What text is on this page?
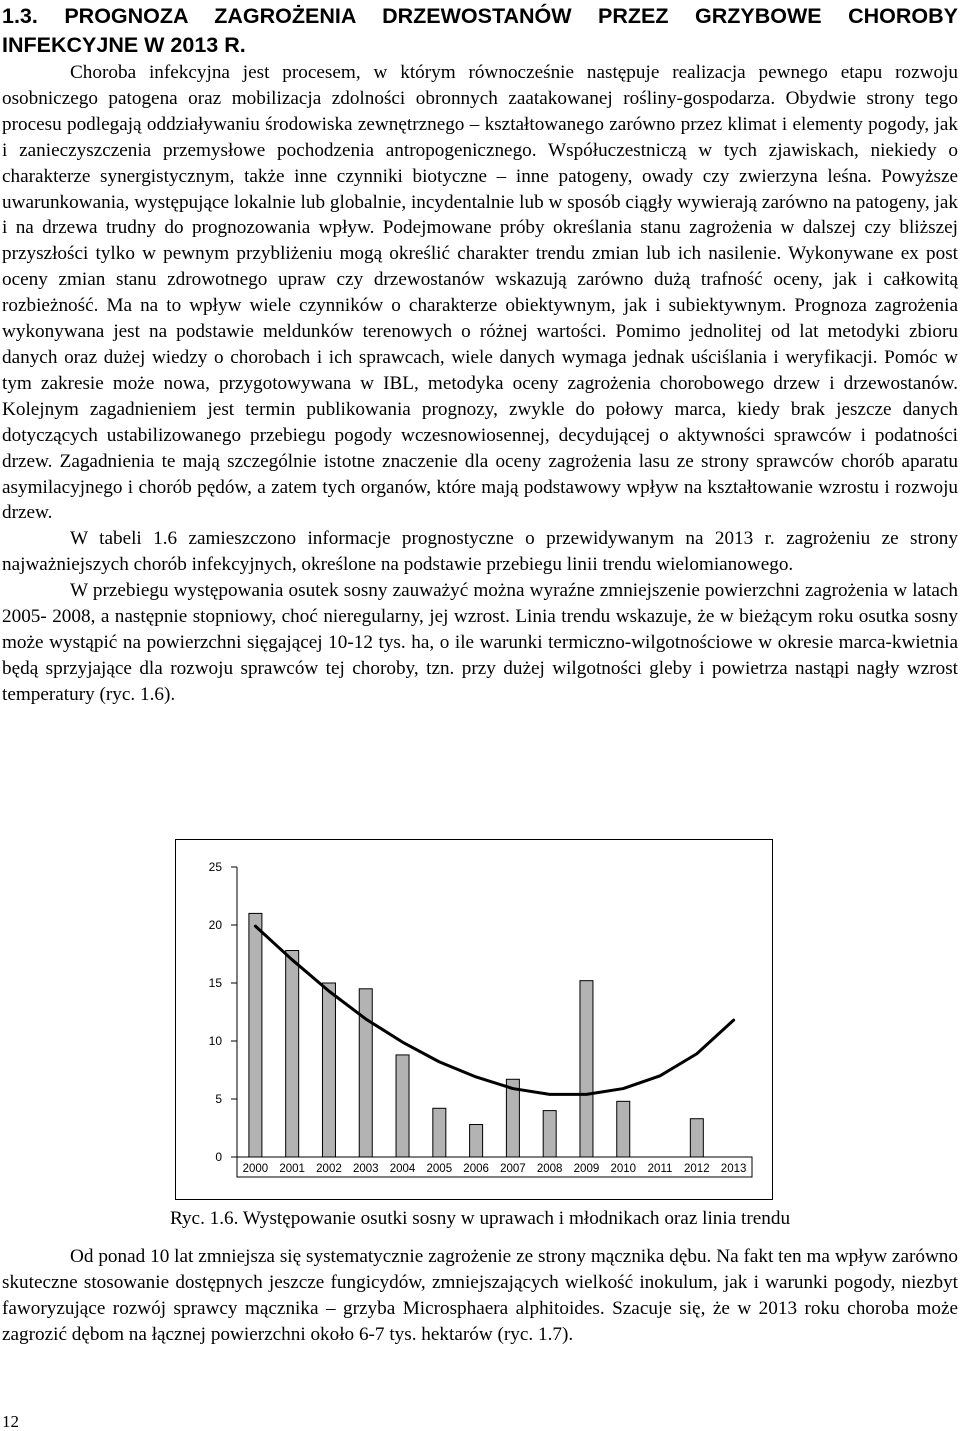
1.3. PROGNOZA ZAGROŻENIA DRZEWOSTANÓW PRZEZ GRZYBOWE CHOROBY INFEKCYJNE W 2013 R.

Choroba infekcyjna jest procesem, w którym równocześnie następuje realizacja pewnego etapu rozwoju osobniczego patogena oraz mobilizacja zdolności obronnych zaatakowanej rośliny-gospodarza. Obydwie strony tego procesu podlegają oddziaływaniu środowiska zewnętrznego – kształtowanego zarówno przez klimat i elementy pogody, jak i zanieczyszczenia przemysłowe pochodzenia antropogenicznego. Współuczestniczą w tych zjawiskach, niekiedy o charakterze synergistycznym, także inne czynniki biotyczne – inne patogeny, owady czy zwierzyna leśna. Powyższe uwarunkowania, występujące lokalnie lub globalnie, incydentalnie lub w sposób ciągły wywierają zarówno na patogeny, jak i na drzewa trudny do prognozowania wpływ. Podejmowane próby określania stanu zagrożenia w dalszej czy bliższej przyszłości tylko w pewnym przybliżeniu mogą określić charakter trendu zmian lub ich nasilenie. Wykonywane ex post oceny zmian stanu zdrowotnego upraw czy drzewostanów wskazują zarówno dużą trafność oceny, jak i całkowitą rozbieżność. Ma na to wpływ wiele czynników o charakterze obiektywnym, jak i subiektywnym. Prognoza zagrożenia wykonywana jest na podstawie meldunków terenowych o różnej wartości. Pomimo jednolitej od lat metodyki zbioru danych oraz dużej wiedzy o chorobach i ich sprawcach, wiele danych wymaga jednak uściślania i weryfikacji. Pomóc w tym zakresie może nowa, przygotowywana w IBL, metodyka oceny zagrożenia chorobowego drzew i drzewostanów. Kolejnym zagadnieniem jest termin publikowania prognozy, zwykle do połowy marca, kiedy brak jeszcze danych dotyczących ustabilizowanego przebiegu pogody wczesnowiosennej, decydującej o aktywności sprawców i podatności drzew. Zagadnienia te mają szczególnie istotne znaczenie dla oceny zagrożenia lasu ze strony sprawców chorób aparatu asymilacyjnego i chorób pędów, a zatem tych organów, które mają podstawowy wpływ na kształtowanie wzrostu i rozwoju drzew.

W tabeli 1.6 zamieszczono informacje prognostyczne o przewidywanym na 2013 r. zagrożeniu ze strony najważniejszych chorób infekcyjnych, określone na podstawie przebiegu linii trendu wielomianowego.

W przebiegu występowania osutek sosny zauważyć można wyraźne zmniejszenie powierzchni zagrożenia w latach 2005- 2008, a następnie stopniowy, choć nieregularny, jej wzrost. Linia trendu wskazuje, że w bieżącym roku osutka sosny może wystąpić na powierzchni sięgającej 10-12 tys. ha, o ile warunki termiczno-wilgotnościowe w okresie marca-kwietnia będą sprzyjające dla rozwoju sprawców tej choroby, tzn. przy dużej wilgotności gleby i powietrza nastąpi nagły wzrost temperatury (ryc. 1.6).

0
5
10
15
20
25
2000 2001 2002 2003 2004 2005 2006 2007 2008 2009 2010 2011 2012 2013
Ryc. 1.6. Występowanie osutki sosny w uprawach i młodnikach oraz linia trendu

Od ponad 10 lat zmniejsza się systematycznie zagrożenie ze strony mącznika dębu. Na fakt ten ma wpływ zarówno skuteczne stosowanie dostępnych jeszcze fungicydów, zmniejszających wielkość inokulum, jak i warunki pogody, niezbyt faworyzujące rozwój sprawcy mącznika – grzyba Microsphaera alphitoides. Szacuje się, że w 2013 roku choroba może zagrozić dębom na łącznej powierzchni około 6-7 tys. hektarów (ryc. 1.7).

12
